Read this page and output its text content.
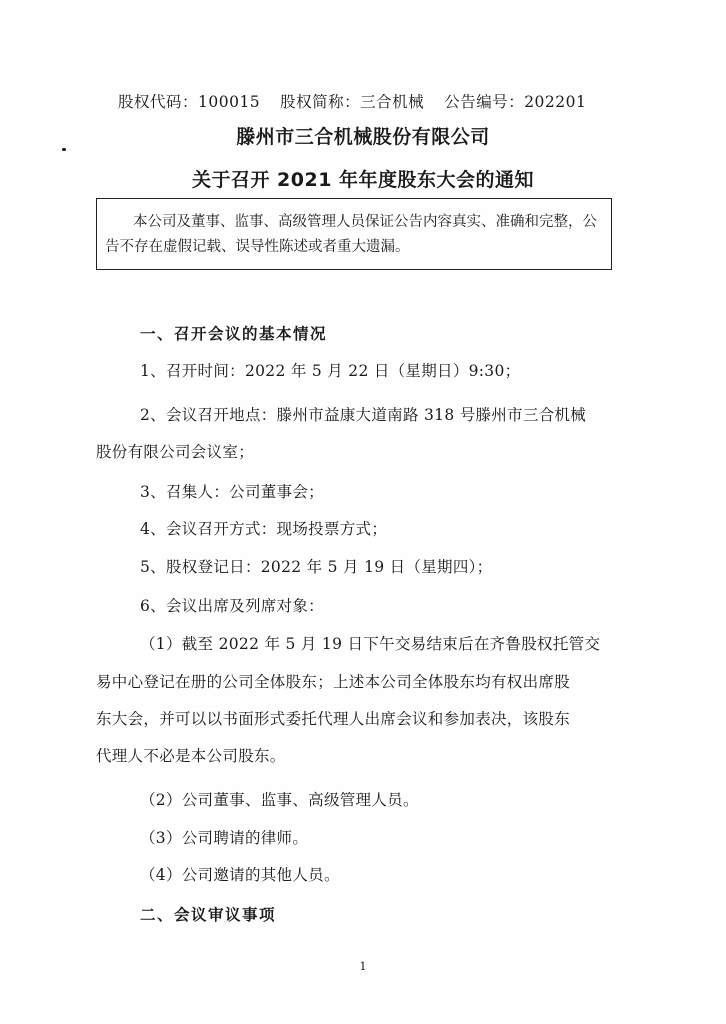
股权代码：100015 股权简称：三合机械 公告编号：202201
滕州市三合机械股份有限公司
关于召开 2021 年年度股东大会的通知
本公司及董事、监事、高级管理人员保证公告内容真实、准确和完整，公告不存在虚假记载、误导性陈述或者重大遗漏。
一、召开会议的基本情况
1、召开时间：2022 年 5 月 22 日（星期日）9:30；
2、会议召开地点：滕州市益康大道南路 318 号滕州市三合机械
股份有限公司会议室；
3、召集人：公司董事会；
4、会议召开方式：现场投票方式；
5、股权登记日：2022 年 5 月 19 日（星期四）；
6、会议出席及列席对象：
（1）截至 2022 年 5 月 19 日下午交易结束后在齐鲁股权托管交
易中心登记在册的公司全体股东；上述本公司全体股东均有权出席股
东大会，并可以以书面形式委托代理人出席会议和参加表决，该股东
代理人不必是本公司股东。
（2）公司董事、监事、高级管理人员。
（3）公司聘请的律师。
（4）公司邀请的其他人员。
二、会议审议事项
1
